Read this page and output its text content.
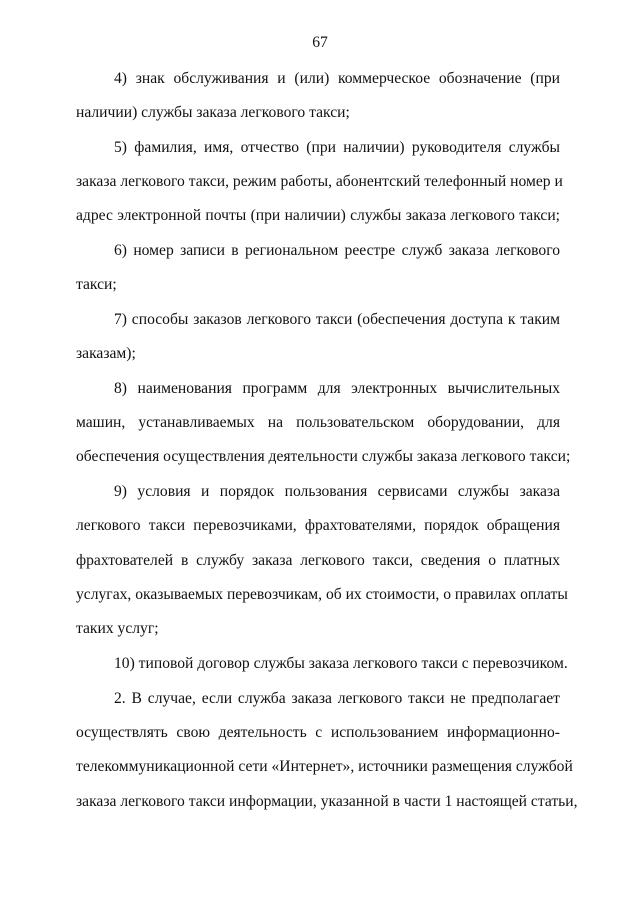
67
4) знак обслуживания и (или) коммерческое обозначение (при
наличии) службы заказа легкового такси;
5) фамилия, имя, отчество (при наличии) руководителя службы
заказа легкового такси, режим работы, абонентский телефонный номер и
адрес электронной почты (при наличии) службы заказа легкового такси;
6) номер записи в региональном реестре служб заказа легкового
такси;
7) способы заказов легкового такси (обеспечения доступа к таким
заказам);
8) наименования программ для электронных вычислительных
машин, устанавливаемых на пользовательском оборудовании, для
обеспечения осуществления деятельности службы заказа легкового такси;
9) условия и порядок пользования сервисами службы заказа
легкового такси перевозчиками, фрахтователями, порядок обращения
фрахтователей в службу заказа легкового такси, сведения о платных
услугах, оказываемых перевозчикам, об их стоимости, о правилах оплаты
таких услуг;
10) типовой договор службы заказа легкового такси с перевозчиком.
2. В случае, если служба заказа легкового такси не предполагает
осуществлять свою деятельность с использованием информационно-
телекоммуникационной сети «Интернет», источники размещения службой
заказа легкового такси информации, указанной в части 1 настоящей статьи,
